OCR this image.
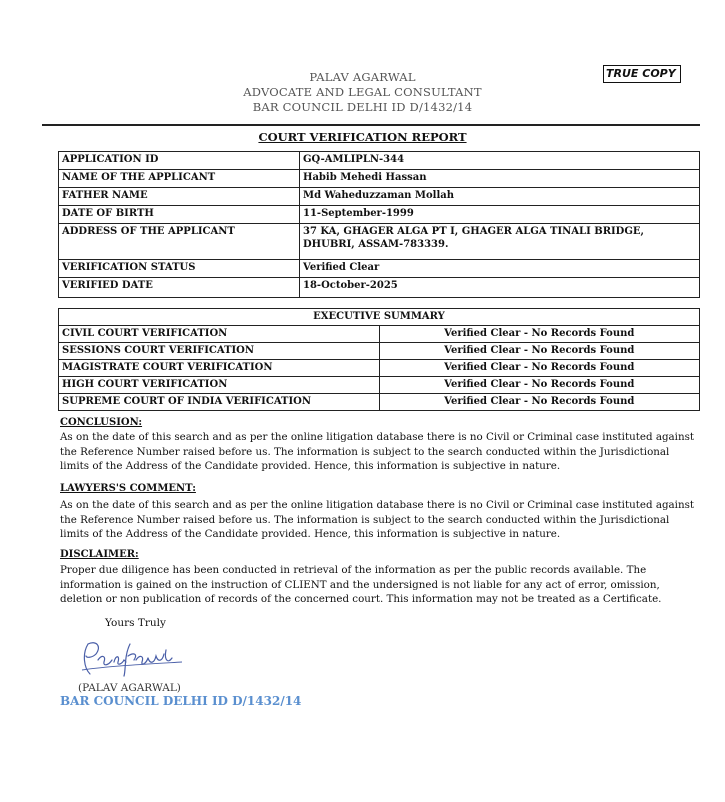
PALAV AGARWAL
ADVOCATE AND LEGAL CONSULTANT
BAR COUNCIL DELHI ID D/1432/14
TRUE COPY
COURT VERIFICATION REPORT
APPLICATION ID	GQ-AMLIPLN-344
NAME OF THE APPLICANT	Habib Mehedi Hassan
FATHER NAME	Md Waheduzzaman Mollah
DATE OF BIRTH	11-September-1999
ADDRESS OF THE APPLICANT	37 KA, GHAGER ALGA PT I, GHAGER ALGA TINALI BRIDGE, DHUBRI, ASSAM-783339.
VERIFICATION STATUS	Verified Clear
VERIFIED DATE	18-October-2025
EXECUTIVE SUMMARY	
CIVIL COURT VERIFICATION	Verified Clear - No Records Found
SESSIONS COURT VERIFICATION	Verified Clear - No Records Found
MAGISTRATE COURT VERIFICATION	Verified Clear - No Records Found
HIGH COURT VERIFICATION	Verified Clear - No Records Found
SUPREME COURT OF INDIA VERIFICATION	Verified Clear - No Records Found
CONCLUSION:
As on the date of this search and as per the online litigation database there is no Civil or Criminal case instituted against the Reference Number raised before us. The information is subject to the search conducted within the Jurisdictional limits of the Address of the Candidate provided. Hence, this information is subjective in nature.
LAWYERS'S COMMENT:
As on the date of this search and as per the online litigation database there is no Civil or Criminal case instituted against the Reference Number raised before us. The information is subject to the search conducted within the Jurisdictional limits of the Address of the Candidate provided. Hence, this information is subjective in nature.
DISCLAIMER:
Proper due diligence has been conducted in retrieval of the information as per the public records available. The information is gained on the instruction of CLIENT and the undersigned is not liable for any act of error, omission, deletion or non publication of records of the concerned court. This information may not be treated as a Certificate.
Yours Truly
(PALAV AGARWAL)
BAR COUNCIL DELHI ID D/1432/14
